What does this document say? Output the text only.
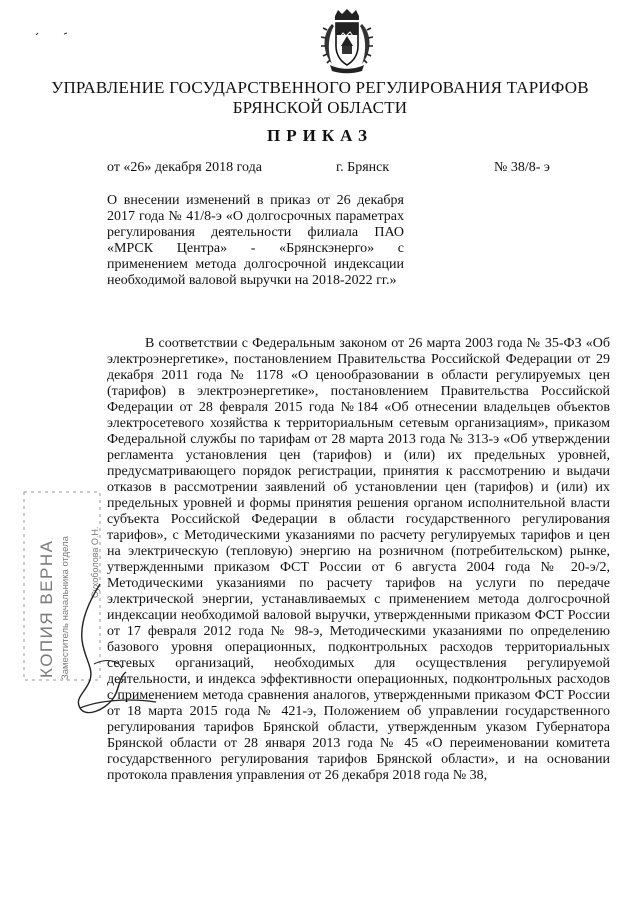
УПРАВЛЕНИЕ ГОСУДАРСТВЕННОГО РЕГУЛИРОВАНИЯ ТАРИФОВ
БРЯНСКОЙ ОБЛАСТИ
ПРИКАЗ
от «26» декабря 2018 года	г. Брянск	№ 38/8- э
О внесении изменений в приказ от 26 декабря 2017 года № 41/8-э «О долгосрочных параметрах регулирования деятельности филиала ПАО «МРСК Центра» - «Брянскэнерго» с применением метода долгосрочной индексации необходимой валовой выручки на 2018-2022 гг.»

В соответствии с Федеральным законом от 26 марта 2003 года № 35-ФЗ «Об электроэнергетике», постановлением Правительства Российской Федерации от 29 декабря 2011 года № 1178 «О ценообразовании в области регулируемых цен (тарифов) в электроэнергетике», постановлением Правительства Российской Федерации от 28 февраля 2015 года №184 «Об отнесении владельцев объектов электросетевого хозяйства к территориальным сетевым организациям», приказом Федеральной службы по тарифам от 28 марта 2013 года № 313-э «Об утверждении регламента установления цен (тарифов) и (или) их предельных уровней, предусматривающего порядок регистрации, принятия к рассмотрению и выдачи отказов в рассмотрении заявлений об установлении цен (тарифов) и (или) их предельных уровней и формы принятия решения органом исполнительной власти субъекта Российской Федерации в области государственного регулирования тарифов», с Методическими указаниями по расчету регулируемых тарифов и цен на электрическую (тепловую) энергию на розничном (потребительском) рынке, утвержденными приказом ФСТ России от 6 августа 2004 года № 20-э/2, Методическими указаниями по расчету тарифов на услуги по передаче электрической энергии, устанавливаемых с применением метода долгосрочной индексации необходимой валовой выручки, утвержденными приказом ФСТ России от 17 февраля 2012 года № 98-э, Методическими указаниями по определению базового уровня операционных, подконтрольных расходов территориальных сетевых организаций, необходимых для осуществления регулируемой деятельности, и индекса эффективности операционных, подконтрольных расходов с применением метода сравнения аналогов, утвержденными приказом ФСТ России от 18 марта 2015 года № 421-э, Положением об управлении государственного регулирования тарифов Брянской области, утвержденным указом Губернатора Брянской области от 28 января 2013 года № 45 «О переименовании комитета государственного регулирования тарифов Брянской области», и на основании протокола правления управления от 26 декабря 2018 года № 38,

КОПИЯ ВЕРНА Заместитель начальника отдела Сухоболова О.Н.
